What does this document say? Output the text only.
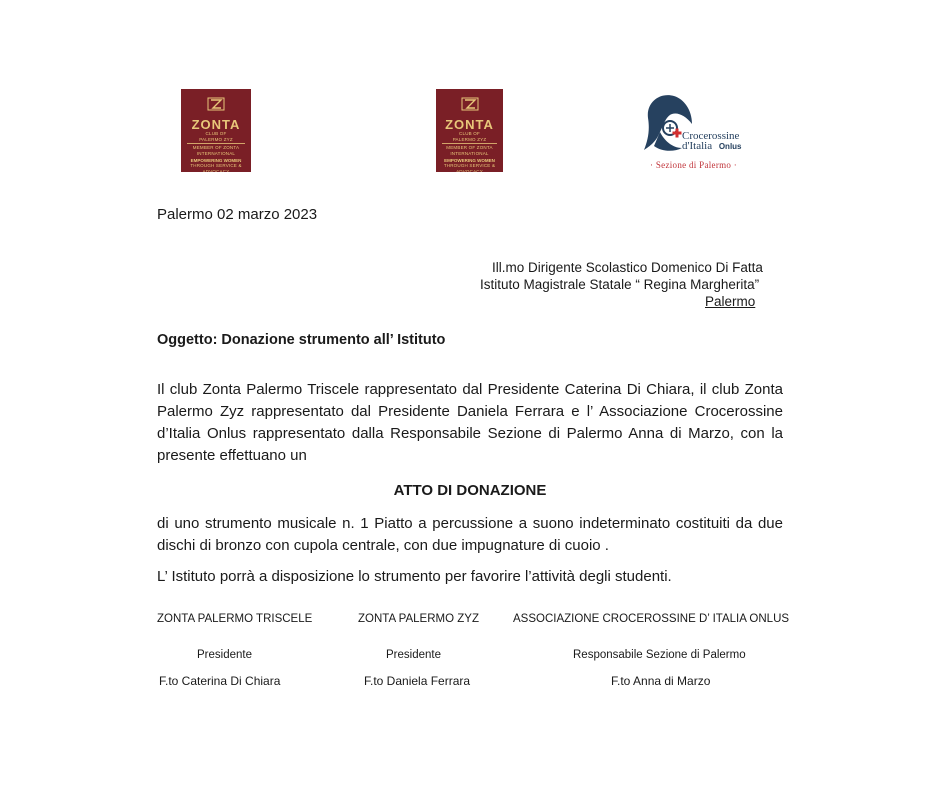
ZONTA
CLUB OF
PALERMO ZYZ
MEMBER OF ZONTA INTERNATIONAL
EMPOWERING WOMEN
THROUGH SERVICE & ADVOCACY
ZONTA
CLUB OF
PALERMO ZYZ
MEMBER OF ZONTA INTERNATIONAL
EMPOWERING WOMEN
THROUGH SERVICE & ADVOCACY
Crocerossine
d'Italia Onlus
· Sezione di Palermo ·
Palermo 02 marzo 2023
Ill.mo Dirigente Scolastico Domenico Di Fatta
Istituto Magistrale Statale “ Regina Margherita”
Palermo
Oggetto: Donazione strumento all’ Istituto
Il club Zonta Palermo Triscele rappresentato dal Presidente Caterina Di Chiara, il club Zonta Palermo Zyz rappresentato dal Presidente Daniela Ferrara e l’ Associazione Crocerossine d’Italia Onlus rappresentato dalla Responsabile Sezione di Palermo Anna di Marzo, con la presente effettuano un
ATTO DI DONAZIONE
di uno strumento musicale n. 1 Piatto a percussione a suono indeterminato costituiti da due dischi di bronzo con cupola centrale, con due impugnature di cuoio .
L’ Istituto porrà a disposizione lo strumento per favorire l’attività degli studenti.
ZONTA PALERMO TRISCELE	ZONTA PALERMO ZYZ	ASSOCIAZIONE CROCEROSSINE D’ ITALIA ONLUS
Presidente	Presidente	Responsabile Sezione di Palermo
F.to Caterina Di Chiara	F.to Daniela Ferrara	F.to Anna di Marzo
